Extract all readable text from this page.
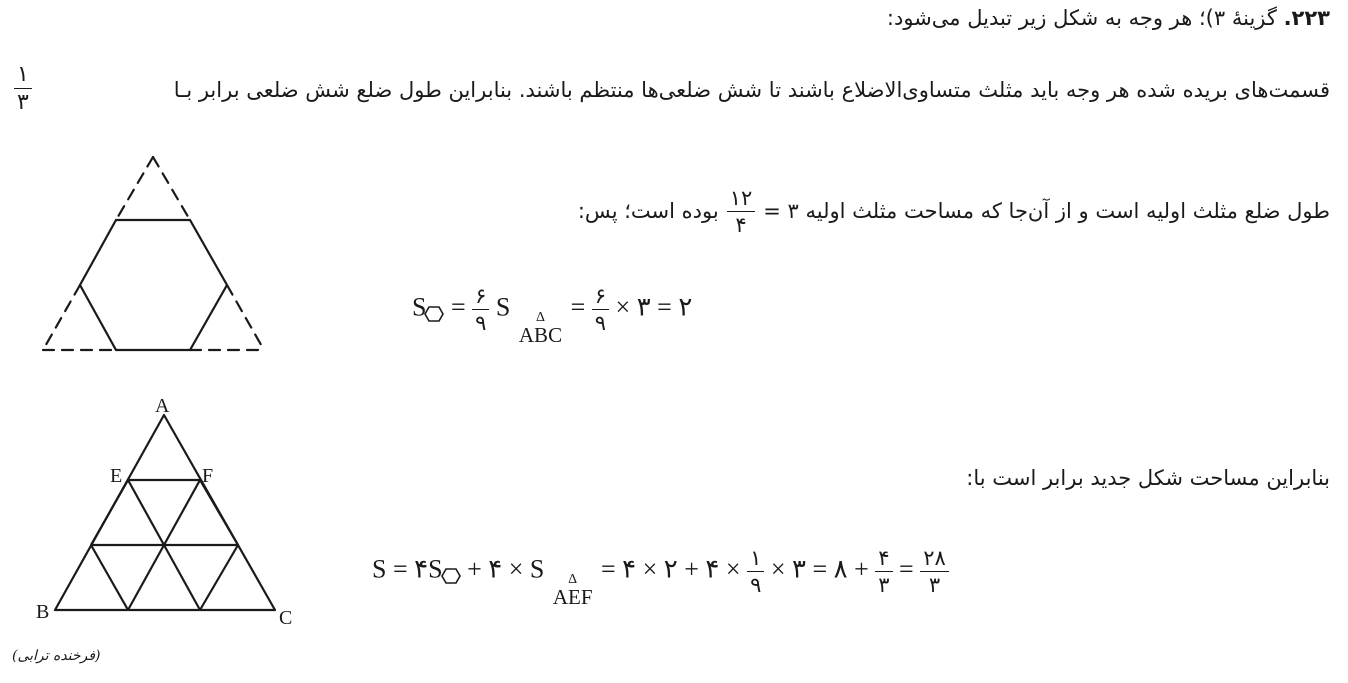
۲۲۳. گزینهٔ ۳)؛ هر وجه به شکل زیر تبدیل می‌شود:
قسمت‌های بریده شده هر وجه باید مثلث متساوی‌الاضلاع باشند تا شش ضلعی‌ها منتظم باشند. بنابراین طول ضلع شش ضلعی برابر بـا
۱
۳
طول ضلع مثلث اولیه است و از آن‌جا که مساحت مثلث اولیه ۳ =
$\frac{۱۲}{۴}$
بوده است؛ پس:
$S = \frac{۶}{۹}$ S	Δ
ABC
= $\frac{۶}{۹}$ × ۳ = ۲
بنابراین مساحت شکل جدید برابر است با:
S = ۴S + ۴ × S	Δ
AEF
= ۴ × ۲ + ۴ × $\frac{۱}{۹}$ × ۳ = ۸ + $\frac{۴}{۳} = \frac{۲۸}{۳}$
A
E	F
B	C
(فرخنده ترابی)
